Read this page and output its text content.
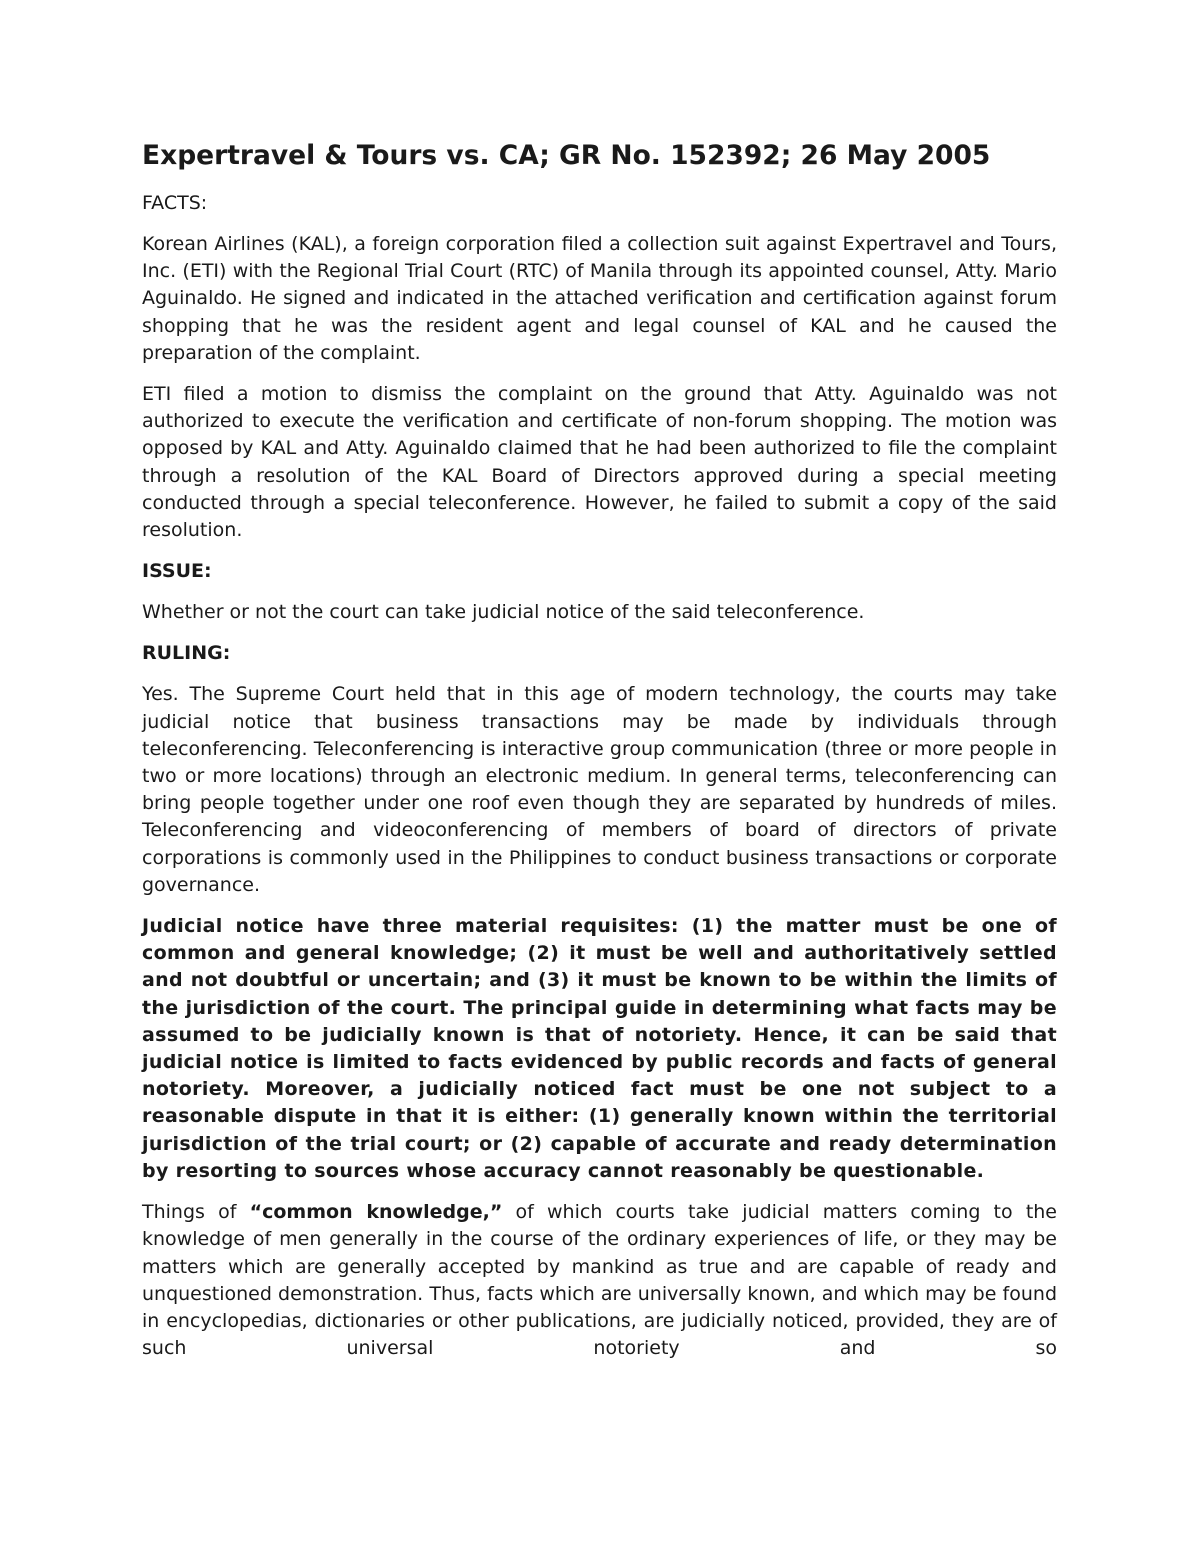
Expertravel & Tours vs. CA; GR No. 152392; 26 May 2005
FACTS:

Korean Airlines (KAL), a foreign corporation filed a collection suit against Expertravel and Tours, Inc. (ETI) with the Regional Trial Court (RTC) of Manila through its appointed counsel, Atty. Mario Aguinaldo. He signed and indicated in the attached verification and certification against forum shopping that he was the resident agent and legal counsel of KAL and he caused the preparation of the complaint.

ETI filed a motion to dismiss the complaint on the ground that Atty. Aguinaldo was not authorized to execute the verification and certificate of non-forum shopping. The motion was opposed by KAL and Atty. Aguinaldo claimed that he had been authorized to file the complaint through a resolution of the KAL Board of Directors approved during a special meeting conducted through a special teleconference. However, he failed to submit a copy of the said resolution.

ISSUE:

Whether or not the court can take judicial notice of the said teleconference.

RULING:

Yes. The Supreme Court held that in this age of modern technology, the courts may take judicial notice that business transactions may be made by individuals through teleconferencing. Teleconferencing is interactive group communication (three or more people in two or more locations) through an electronic medium. In general terms, teleconferencing can bring people together under one roof even though they are separated by hundreds of miles. Teleconferencing and videoconferencing of members of board of directors of private corporations is commonly used in the Philippines to conduct business transactions or corporate governance.

Judicial notice have three material requisites: (1) the matter must be one of common and general knowledge; (2) it must be well and authoritatively settled and not doubtful or uncertain; and (3) it must be known to be within the limits of the jurisdiction of the court. The principal guide in determining what facts may be assumed to be judicially known is that of notoriety. Hence, it can be said that judicial notice is limited to facts evidenced by public records and facts of general notoriety. Moreover, a judicially noticed fact must be one not subject to a reasonable dispute in that it is either: (1) generally known within the territorial jurisdiction of the trial court; or (2) capable of accurate and ready determination by resorting to sources whose accuracy cannot reasonably be questionable.

Things of “common knowledge,” of which courts take judicial matters coming to the knowledge of men generally in the course of the ordinary experiences of life, or they may be matters which are generally accepted by mankind as true and are capable of ready and unquestioned demonstration. Thus, facts which are universally known, and which may be found in encyclopedias, dictionaries or other publications, are judicially noticed, provided, they are of such universal notoriety and so
